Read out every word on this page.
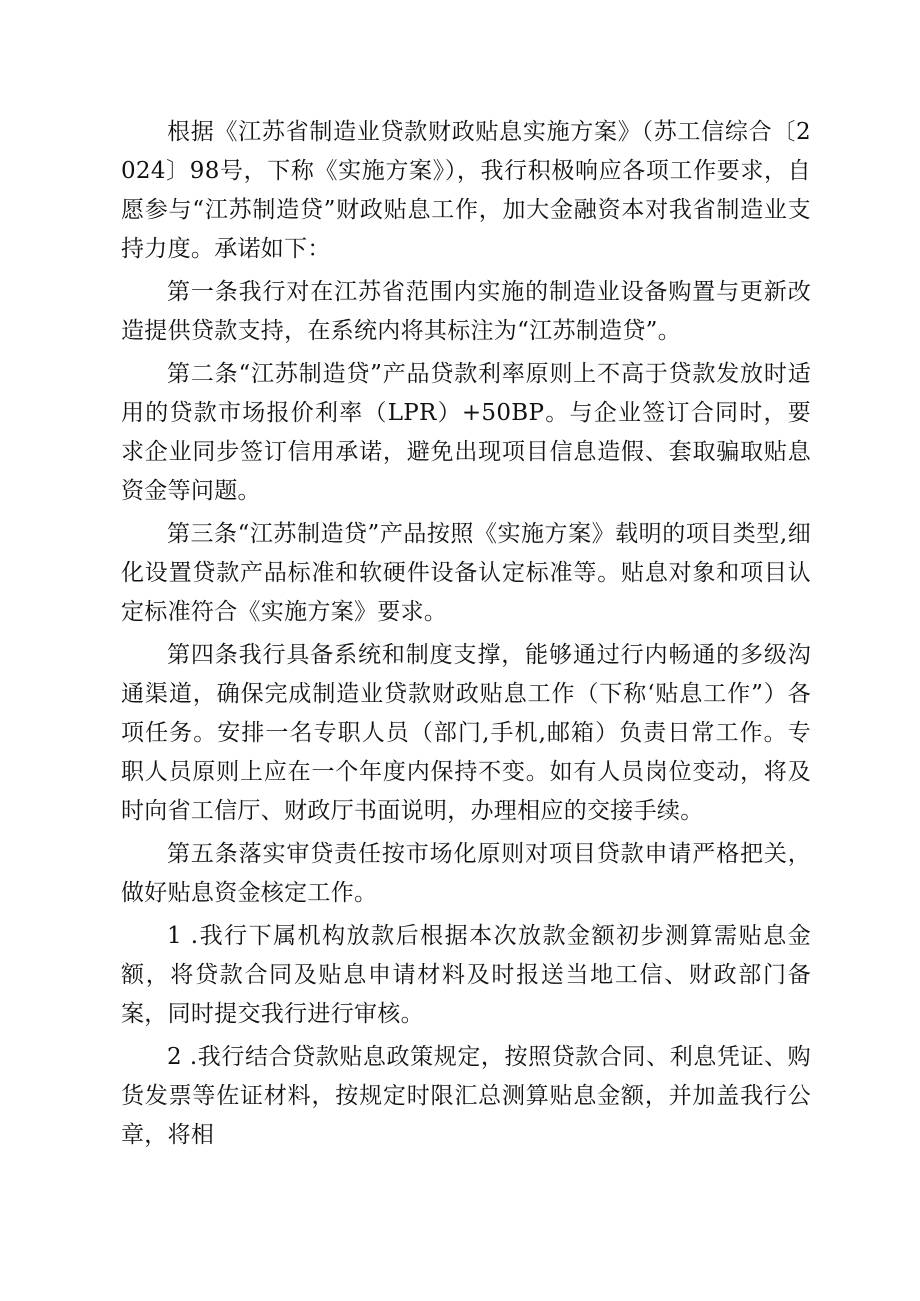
根据《江苏省制造业贷款财政贴息实施方案》（苏工信综合〔2024〕98号，下称《实施方案》），我行积极响应各项工作要求，自愿参与“江苏制造贷”财政贴息工作，加大金融资本对我省制造业支持力度。承诺如下：

第一条我行对在江苏省范围内实施的制造业设备购置与更新改造提供贷款支持，在系统内将其标注为“江苏制造贷”。

第二条“江苏制造贷”产品贷款利率原则上不高于贷款发放时适用的贷款市场报价利率（LPR）+50BP。与企业签订合同时，要求企业同步签订信用承诺，避免出现项目信息造假、套取骗取贴息资金等问题。

第三条“江苏制造贷”产品按照《实施方案》载明的项目类型,细化设置贷款产品标准和软硬件设备认定标准等。贴息对象和项目认定标准符合《实施方案》要求。

第四条我行具备系统和制度支撑，能够通过行内畅通的多级沟通渠道，确保完成制造业贷款财政贴息工作（下称‘贴息工作”）各项任务。安排一名专职人员（部门,手机,邮箱）负责日常工作。专职人员原则上应在一个年度内保持不变。如有人员岗位变动，将及时向省工信厅、财政厅书面说明，办理相应的交接手续。

第五条落实审贷责任按市场化原则对项目贷款申请严格把关，做好贴息资金核定工作。

1 .我行下属机构放款后根据本次放款金额初步测算需贴息金额，将贷款合同及贴息申请材料及时报送当地工信、财政部门备案，同时提交我行进行审核。

2 .我行结合贷款贴息政策规定，按照贷款合同、利息凭证、购货发票等佐证材料，按规定时限汇总测算贴息金额，并加盖我行公章，将相
